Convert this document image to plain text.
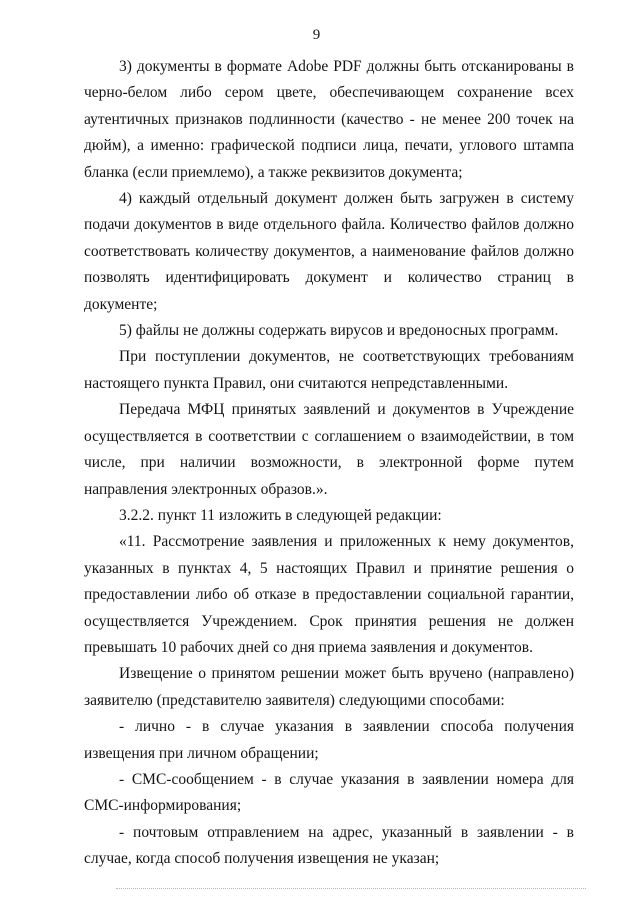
9

3) документы в формате Adobe PDF должны быть отсканированы в черно-белом либо сером цвете, обеспечивающем сохранение всех аутентичных признаков подлинности (качество - не менее 200 точек на дюйм), а именно: графической подписи лица, печати, углового штампа бланка (если приемлемо), а также реквизитов документа;

4) каждый отдельный документ должен быть загружен в систему подачи документов в виде отдельного файла. Количество файлов должно соответствовать количеству документов, а наименование файлов должно позволять идентифицировать документ и количество страниц в документе;

5) файлы не должны содержать вирусов и вредоносных программ.

При поступлении документов, не соответствующих требованиям настоящего пункта Правил, они считаются непредставленными.

Передача МФЦ принятых заявлений и документов в Учреждение осуществляется в соответствии с соглашением о взаимодействии, в том числе, при наличии возможности, в электронной форме путем направления электронных образов.».

3.2.2. пункт 11 изложить в следующей редакции:

«11. Рассмотрение заявления и приложенных к нему документов, указанных в пунктах 4, 5 настоящих Правил и принятие решения о предоставлении либо об отказе в предоставлении социальной гарантии, осуществляется Учреждением. Срок принятия решения не должен превышать 10 рабочих дней со дня приема заявления и документов.

Извещение о принятом решении может быть вручено (направлено) заявителю (представителю заявителя) следующими способами:

- лично - в случае указания в заявлении способа получения извещения при личном обращении;

- СМС-сообщением - в случае указания в заявлении номера для СМС-информирования;

- почтовым отправлением на адрес, указанный в заявлении - в случае, когда способ получения извещения не указан;
